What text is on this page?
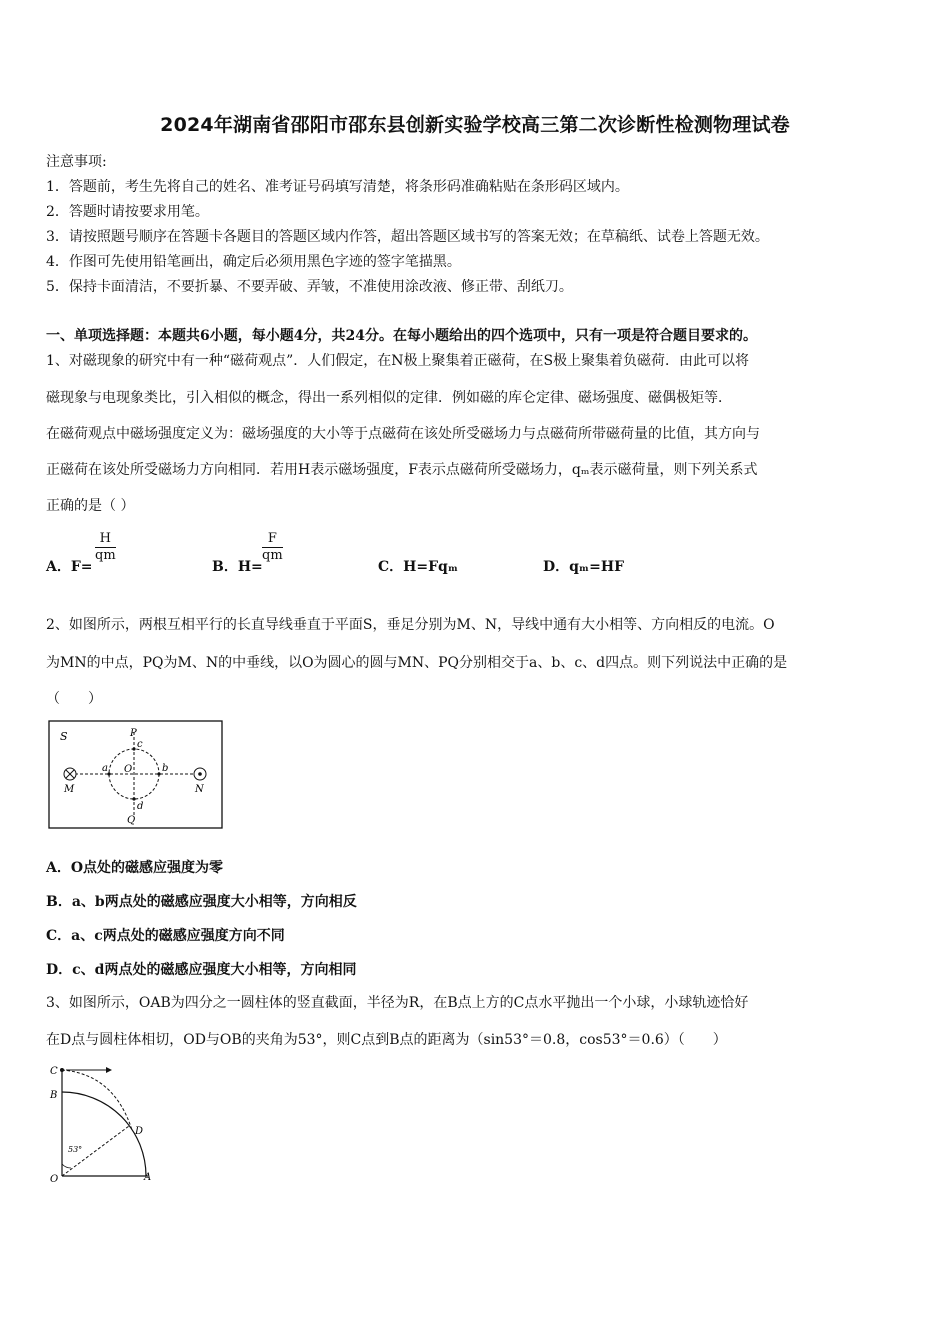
2024年湖南省邵阳市邵东县创新实验学校高三第二次诊断性检测物理试卷
注意事项:
1．答题前，考生先将自己的姓名、准考证号码填写清楚，将条形码准确粘贴在条形码区域内。
2．答题时请按要求用笔。
3．请按照题号顺序在答题卡各题目的答题区域内作答，超出答题区域书写的答案无效；在草稿纸、试卷上答题无效。
4．作图可先使用铅笔画出，确定后必须用黑色字迹的签字笔描黑。
5．保持卡面清洁，不要折暴、不要弄破、弄皱，不准使用涂改液、修正带、刮纸刀。
一、单项选择题：本题共6小题，每小题4分，共24分。在每小题给出的四个选项中，只有一项是符合题目要求的。
1、对磁现象的研究中有一种“磁荷观点”．人们假定，在N极上聚集着正磁荷，在S极上聚集着负磁荷．由此可以将
磁现象与电现象类比，引入相似的概念，得出一系列相似的定律．例如磁的库仑定律、磁场强度、磁偶极矩等．
在磁荷观点中磁场强度定义为：磁场强度的大小等于点磁荷在该处所受磁场力与点磁荷所带磁荷量的比值，其方向与
正磁荷在该处所受磁场力方向相同．若用H表示磁场强度，F表示点磁荷所受磁场力，qₘ表示磁荷量，则下列关系式
正确的是（ ）
A．F=
$\frac{H}{qm}$
B．H=
$\frac{F}{qm}$
C．H=Fqₘ	D．qₘ=HF
2、如图所示，两根互相平行的长直导线垂直于平面S，垂足分别为M、N，导线中通有大小相等、方向相反的电流。O
为MN的中点，PQ为M、N的中垂线，以O为圆心的圆与MN、PQ分别相交于a、b、c、d四点。则下列说法中正确的是
（　　）
S	P
c
a O	b
M	N
d
Q
A．O点处的磁感应强度为零
B．a、b两点处的磁感应强度大小相等，方向相反
C．a、c两点处的磁感应强度方向不同
D．c、d两点处的磁感应强度大小相等，方向相同
3、如图所示，OAB为四分之一圆柱体的竖直截面，半径为R，在B点上方的C点水平抛出一个小球，小球轨迹恰好
在D点与圆柱体相切，OD与OB的夹角为53°，则C点到B点的距离为（sin53°＝0.8，cos53°＝0.6）（　　）
C
B
D
53°
O	A
